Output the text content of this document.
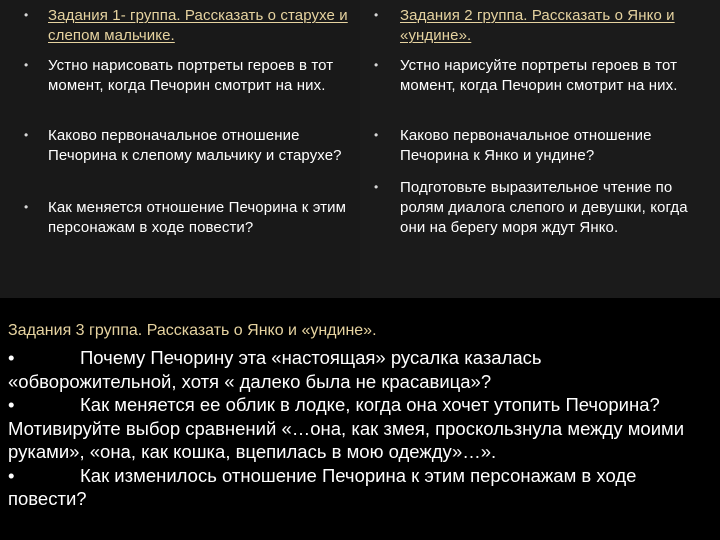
• Задания 1- группа. Рассказать о старухе и слепом мальчике.
• Устно нарисовать портреты героев в тот момент, когда Печорин смотрит на них.
• Каково первоначальное отношение Печорина к слепому мальчику и старухе?
• Как меняется отношение Печорина к этим персонажам в ходе повести?
• Задания 2 группа. Рассказать о Янко и «ундине».
• Устно нарисуйте портреты героев в тот момент, когда Печорин смотрит на них.
• Каково первоначальное отношение Печорина к Янко и ундине?
• Подготовьте выразительное чтение по ролям диалога слепого и девушки, когда они на берегу моря ждут Янко.

Задания 3 группа. Рассказать о Янко и «ундине».

•	Почему Печорину эта «настоящая» русалка казалась «обворожительной, хотя « далеко была не красавица»?

•	Как меняется ее облик в лодке, когда она хочет утопить Печорина? Мотивируйте выбор сравнений «…она, как змея, проскользнула между моими руками», «она, как кошка, вцепилась в мою одежду»…».

•	Как изменилось отношение Печорина к этим персонажам в ходе повести?
